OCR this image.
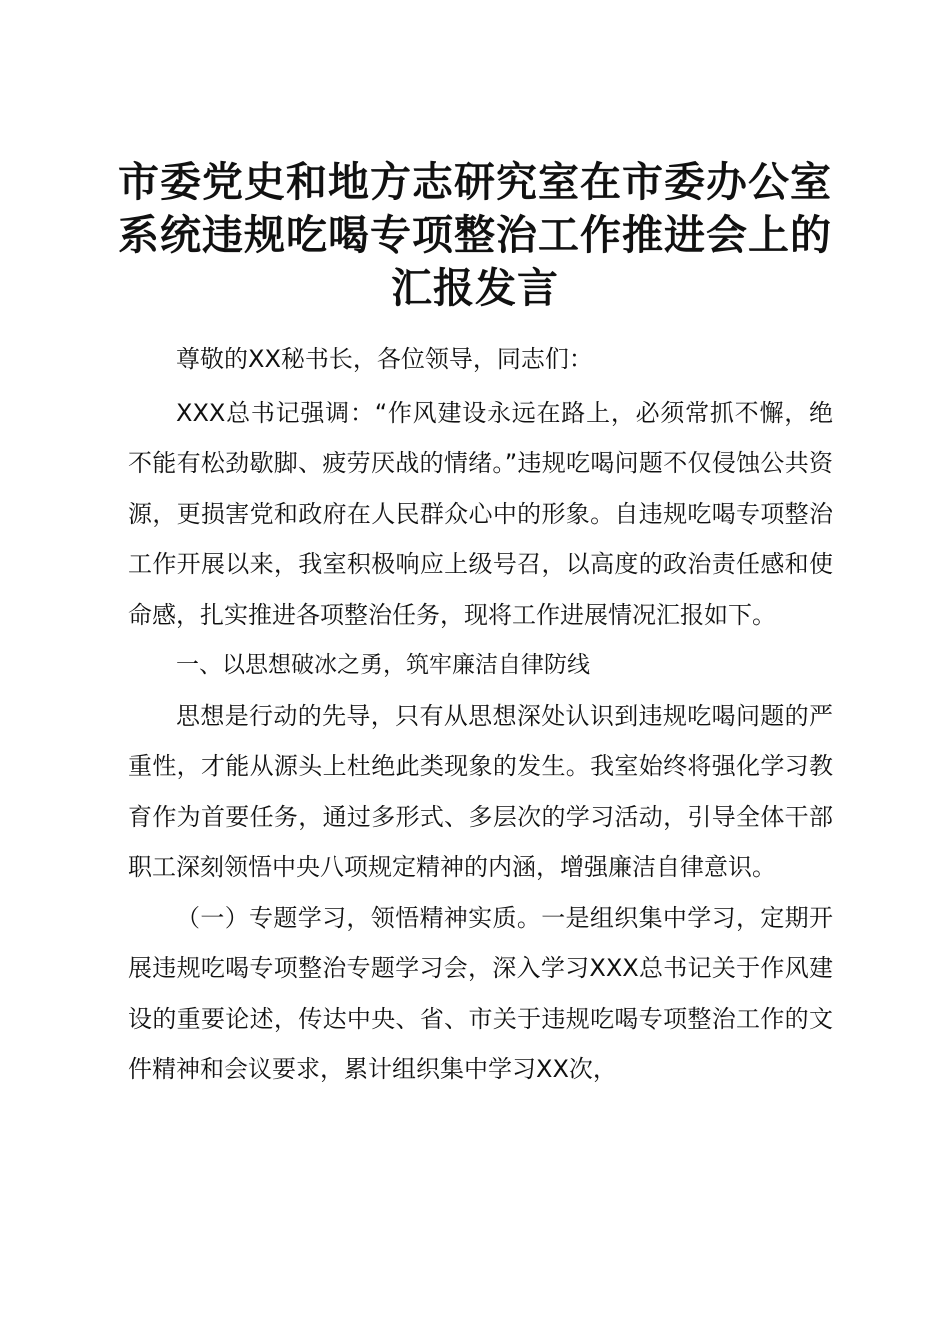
市委党史和地方志研究室在市委办公室
系统违规吃喝专项整治工作推进会上的
汇报发言

尊敬的XX秘书长，各位领导，同志们：

XXX总书记强调：“作风建设永远在路上，必须常抓不懈，绝不能有松劲歇脚、疲劳厌战的情绪。”违规吃喝问题不仅侵蚀公共资源，更损害党和政府在人民群众心中的形象。自违规吃喝专项整治工作开展以来，我室积极响应上级号召，以高度的政治责任感和使命感，扎实推进各项整治任务，现将工作进展情况汇报如下。

一、以思想破冰之勇，筑牢廉洁自律防线

思想是行动的先导，只有从思想深处认识到违规吃喝问题的严重性，才能从源头上杜绝此类现象的发生。我室始终将强化学习教育作为首要任务，通过多形式、多层次的学习活动，引导全体干部职工深刻领悟中央八项规定精神的内涵，增强廉洁自律意识。

（一）专题学习，领悟精神实质。一是组织集中学习，定期开展违规吃喝专项整治专题学习会，深入学习XXX总书记关于作风建设的重要论述，传达中央、省、市关于违规吃喝专项整治工作的文件精神和会议要求，累计组织集中学习XX次，
